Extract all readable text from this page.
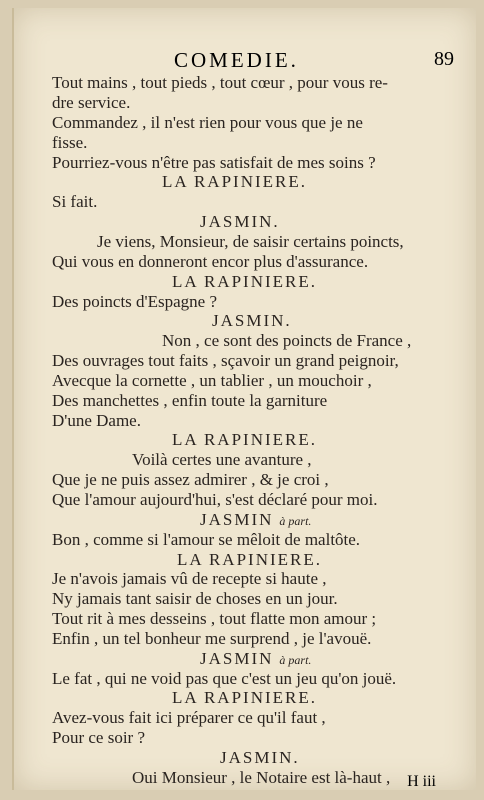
COMEDIE.	89
Tout mains , tout pieds , tout cœur , pour vous re-
dre service.
Commandez , il n'est rien pour vous que je ne
fisse.
Pourriez-vous n'être pas satisfait de mes soins ?
LA RAPINIERE.
Si fait.
JASMIN.
Je viens, Monsieur, de saisir certains poincts,
Qui vous en donneront encor plus d'assurance.
LA RAPINIERE.
Des poincts d'Espagne ?
JASMIN.
Non , ce sont des poincts de France ,
Des ouvrages tout faits , sçavoir un grand peignoir,
Avecque la cornette , un tablier , un mouchoir ,
Des manchettes , enfin toute la garniture
D'une Dame.
LA RAPINIERE.
Voilà certes une avanture ,
Que je ne puis assez admirer , & je croi ,
Que l'amour aujourd'hui, s'est déclaré pour moi.
JASMIN à part.
Bon , comme si l'amour se mêloit de maltôte.
LA RAPINIERE.
Je n'avois jamais vû de recepte si haute ,
Ny jamais tant saisir de choses en un jour.
Tout rit à mes desseins , tout flatte mon amour ;
Enfin , un tel bonheur me surprend , je l'avouë.
JASMIN à part.
Le fat , qui ne void pas que c'est un jeu qu'on jouë.
LA RAPINIERE.
Avez-vous fait ici préparer ce qu'il faut ,
Pour ce soir ?
JASMIN.
Oui Monsieur , le Notaire est là-haut , H iii
